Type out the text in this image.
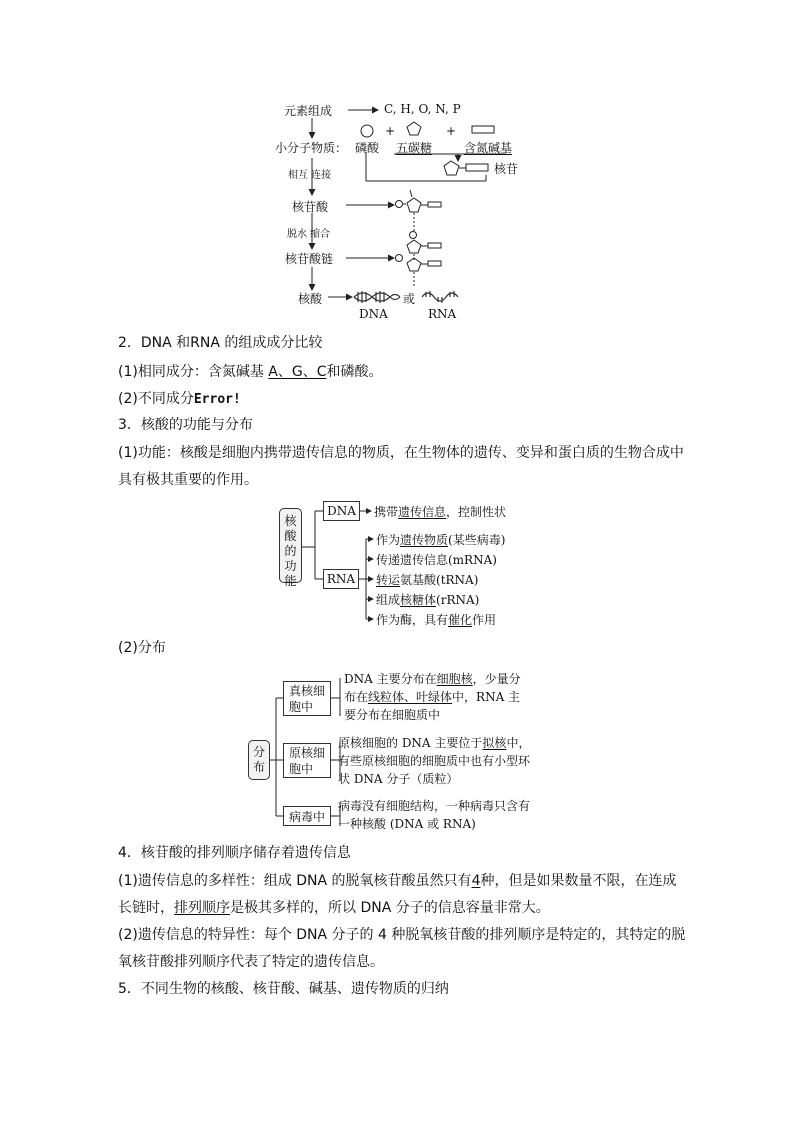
元素组成	C, H, O, N, P
小分子物质： 磷酸
+	+
五碳糖	含氮碱基
核苷
相互 连接
核苷酸
脱水 缩合
核苷酸链
核酸	或
DNA	RNA
2．DNA 和RNA 的组成成分比较
(1)相同成分：含氮碱基 A、G、C和磷酸。
(2)不同成分Error!
3．核酸的功能与分布
(1)功能：核酸是细胞内携带遗传信息的物质，在生物体的遗传、变异和蛋白质的生物合成中
具有极其重要的作用。
核酸的功能
DNA
RNA
携带遗传信息，控制性状
作为遗传物质(某些病毒)
传递遗传信息(mRNA)
转运氨基酸(tRNA)
组成核糖体(rRNA)
作为酶，具有催化作用
(2)分布
分布
真核细胞中
原核细胞中
病毒中
DNA 主要分布在细胞核，少量分
布在线粒体、叶绿体中，RNA 主
要分布在细胞质中
原核细胞的 DNA 主要位于拟核中，
有些原核细胞的细胞质中也有小型环
状 DNA 分子（质粒）
病毒没有细胞结构，一种病毒只含有
一种核酸 (DNA 或 RNA)
4．核苷酸的排列顺序储存着遗传信息
(1)遗传信息的多样性：组成 DNA 的脱氧核苷酸虽然只有4种，但是如果数量不限，在连成
长链时，排列顺序是极其多样的，所以 DNA 分子的信息容量非常大。
(2)遗传信息的特异性：每个 DNA 分子的 4 种脱氧核苷酸的排列顺序是特定的，其特定的脱
氧核苷酸排列顺序代表了特定的遗传信息。
5．不同生物的核酸、核苷酸、碱基、遗传物质的归纳
